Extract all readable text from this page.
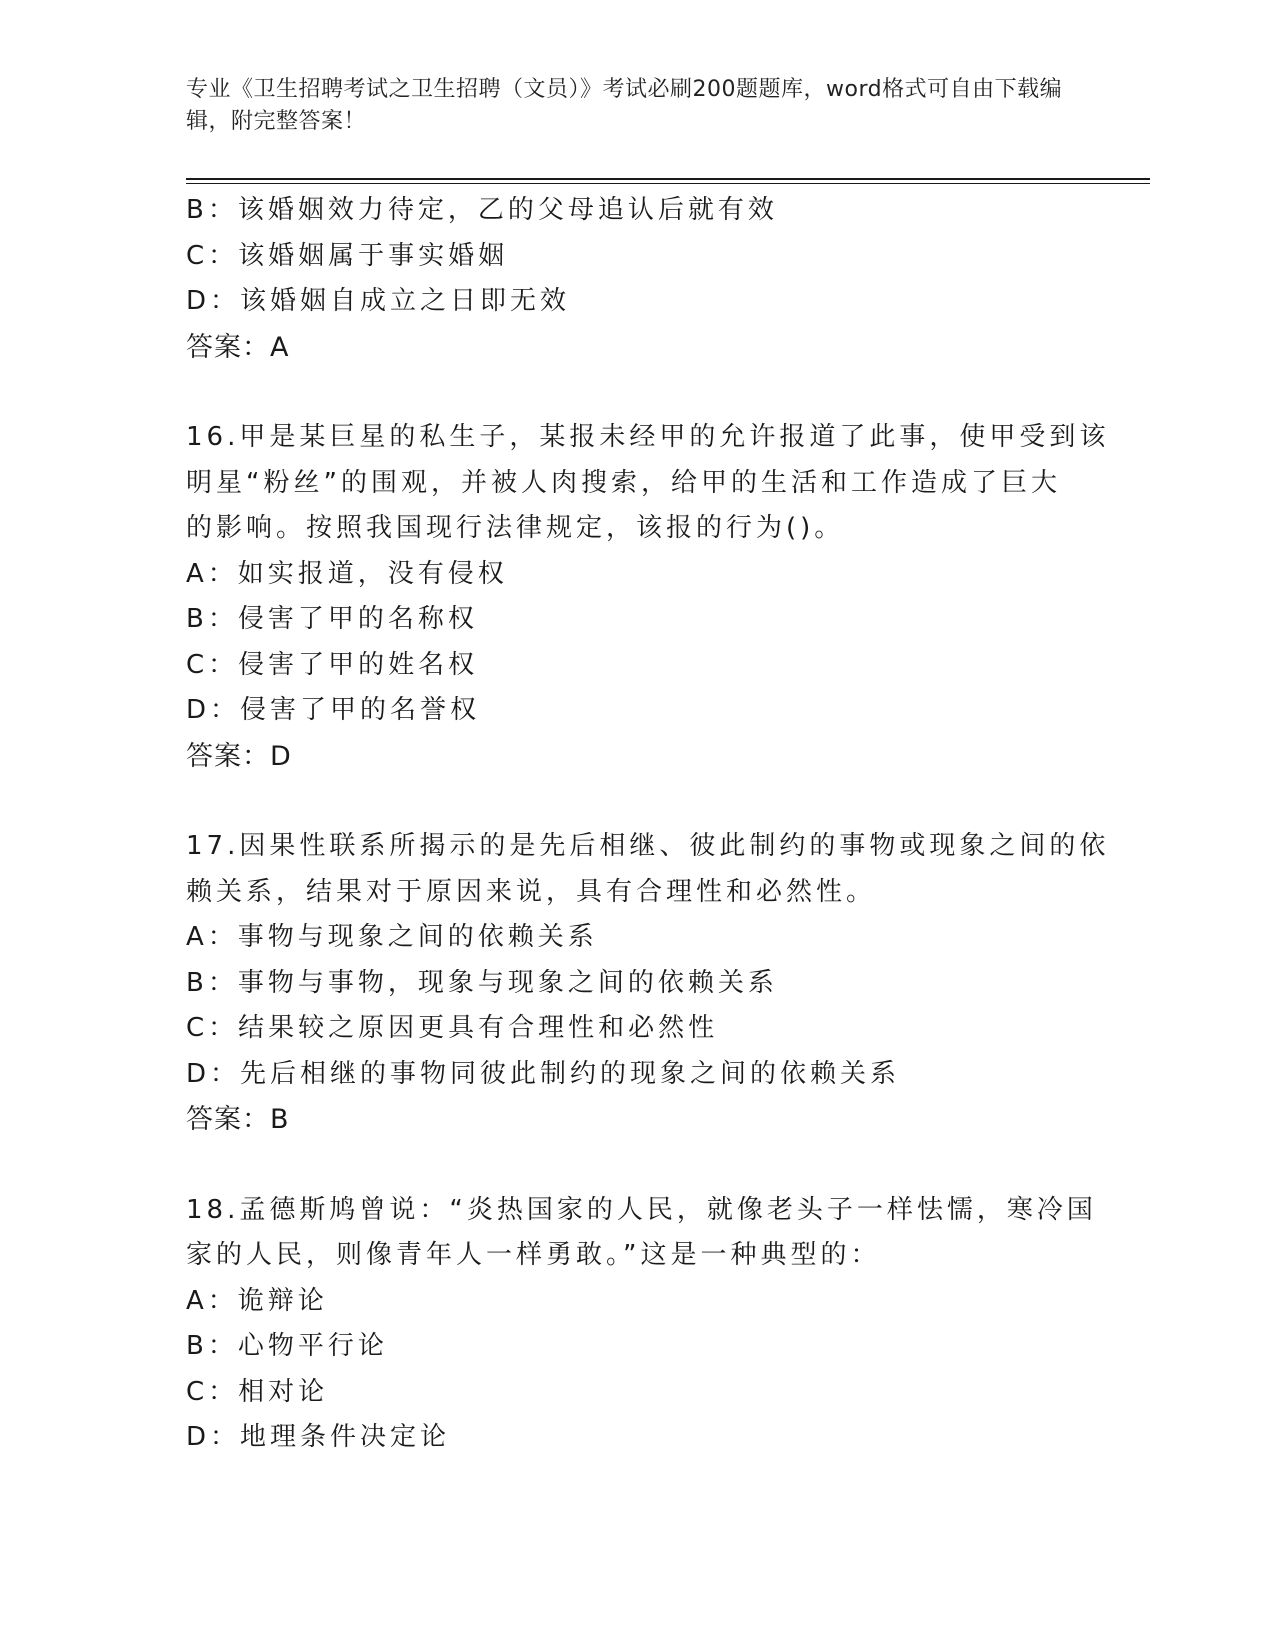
专业《卫生招聘考试之卫生招聘（文员）》考试必刷200题题库，word格式可自由下载编辑，附完整答案！
B：该婚姻效力待定，乙的父母追认后就有效
C：该婚姻属于事实婚姻
D：该婚姻自成立之日即无效
答案：A
16.甲是某巨星的私生子，某报未经甲的允许报道了此事，使甲受到该
明星“粉丝”的围观，并被人肉搜索，给甲的生活和工作造成了巨大
的影响。按照我国现行法律规定，该报的行为()。
A：如实报道，没有侵权
B：侵害了甲的名称权
C：侵害了甲的姓名权
D：侵害了甲的名誉权
答案：D
17.因果性联系所揭示的是先后相继、彼此制约的事物或现象之间的依
赖关系，结果对于原因来说，具有合理性和必然性。
A：事物与现象之间的依赖关系
B：事物与事物，现象与现象之间的依赖关系
C：结果较之原因更具有合理性和必然性
D：先后相继的事物同彼此制约的现象之间的依赖关系
答案：B
18.孟德斯鸠曾说：“炎热国家的人民，就像老头子一样怯懦，寒冷国
家的人民，则像青年人一样勇敢。”这是一种典型的：
A：诡辩论
B：心物平行论
C：相对论
D：地理条件决定论
